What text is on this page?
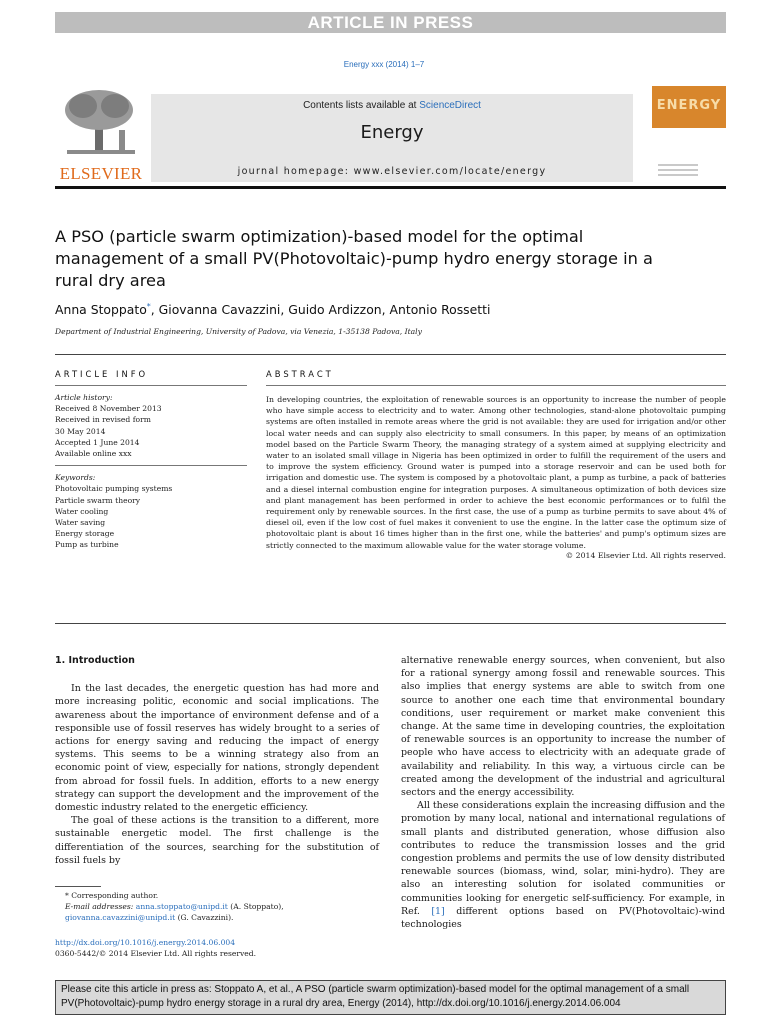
ARTICLE IN PRESS
Energy xxx (2014) 1–7
ELSEVIER
Contents lists available at ScienceDirect
Energy
journal homepage: www.elsevier.com/locate/energy
ENERGY
A PSO (particle swarm optimization)-based model for the optimal management of a small PV(Photovoltaic)-pump hydro energy storage in a rural dry area
Anna Stoppato*, Giovanna Cavazzini, Guido Ardizzon, Antonio Rossetti
Department of Industrial Engineering, University of Padova, via Venezia, 1-35138 Padova, Italy
ARTICLE INFO	ABSTRACT

Article history:

Received 8 November 2013

Received in revised form

30 May 2014

Accepted 1 June 2014

Available online xxx

Keywords:

Photovoltaic pumping systems

Particle swarm theory

Water cooling

Water saving

Energy storage

Pump as turbine

In developing countries, the exploitation of renewable sources is an opportunity to increase the number of people who have simple access to electricity and to water. Among other technologies, stand-alone photovoltaic pumping systems are often installed in remote areas where the grid is not available: they are used for irrigation and/or other local water needs and can supply also electricity to small consumers. In this paper, by means of an optimization model based on the Particle Swarm Theory, the managing strategy of a system aimed at supplying electricity and water to an isolated small village in Nigeria has been optimized in order to fulfill the requirement of the users and to improve the system efficiency. Ground water is pumped into a storage reservoir and can be used both for irrigation and domestic use. The system is composed by a photovoltaic plant, a pump as turbine, a pack of batteries and a diesel internal combustion engine for integration purposes. A simultaneous optimization of both devices size and plant management has been performed in order to achieve the best economic performances or to fulfil the requirement only by renewable sources. In the first case, the use of a pump as turbine permits to save about 4% of diesel oil, even if the low cost of fuel makes it convenient to use the engine. In the latter case the optimum size of photovoltaic plant is about 16 times higher than in the first one, while the batteries' and pump's optimum sizes are strictly connected to the maximum allowable value for the water storage volume.

© 2014 Elsevier Ltd. All rights reserved.

1. Introduction

In the last decades, the energetic question has had more and more increasing politic, economic and social implications. The awareness about the importance of environment defense and of a responsible use of fossil reserves has widely brought to a series of actions for energy saving and reducing the impact of energy systems. This seems to be a winning strategy also from an economic point of view, especially for nations, strongly dependent from abroad for fossil fuels. In addition, efforts to a new energy strategy can support the development and the improvement of the domestic industry related to the energetic efficiency.

The goal of these actions is the transition to a different, more sustainable energetic model. The first challenge is the differentiation of the sources, searching for the substitution of fossil fuels by

alternative renewable energy sources, when convenient, but also for a rational synergy among fossil and renewable sources. This also implies that energy systems are able to switch from one source to another one each time that environmental boundary conditions, user requirement or market make convenient this change. At the same time in developing countries, the exploitation of renewable sources is an opportunity to increase the number of people who have access to electricity with an adequate grade of availability and reliability. In this way, a virtuous circle can be created among the development of the industrial and agricultural sectors and the energy accessibility.

All these considerations explain the increasing diffusion and the promotion by many local, national and international regulations of small plants and distributed generation, whose diffusion also contributes to reduce the transmission losses and the grid congestion problems and permits the use of low density distributed renewable sources (biomass, wind, solar, mini-hydro). They are also an interesting solution for isolated communities or communities looking for energetic self-sufficiency. For example, in Ref. [1] different options based on PV(Photovoltaic)-wind technologies

* Corresponding author.
E-mail addresses: anna.stoppato@unipd.it (A. Stoppato), giovanna.cavazzini@unipd.it (G. Cavazzini).
http://dx.doi.org/10.1016/j.energy.2014.06.004
0360-5442/© 2014 Elsevier Ltd. All rights reserved.
Please cite this article in press as: Stoppato A, et al., A PSO (particle swarm optimization)-based model for the optimal management of a small PV(Photovoltaic)-pump hydro energy storage in a rural dry area, Energy (2014), http://dx.doi.org/10.1016/j.energy.2014.06.004
